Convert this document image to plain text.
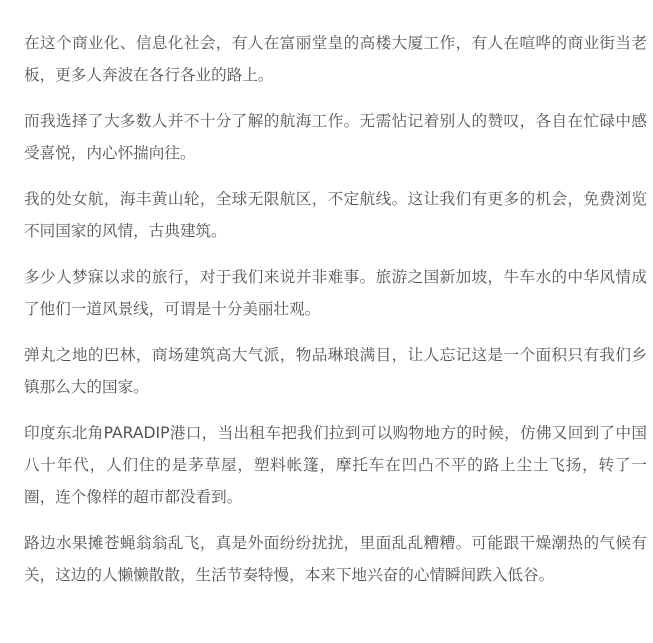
在这个商业化、信息化社会，有人在富丽堂皇的高楼大厦工作，有人在喧哗的商业街当老板，更多人奔波在各行各业的路上。

而我选择了大多数人并不十分了解的航海工作。无需怗记着别人的赞叹，各自在忙碌中感受喜悦，内心怀揣向往。

我的处女航，海丰黄山轮，全球无限航区，不定航线。这让我们有更多的机会，免费浏览不同国家的风情，古典建筑。

多少人梦寐以求的旅行，对于我们来说并非难事。旅游之国新加坡，牛车水的中华风情成了他们一道风景线，可谓是十分美丽壮观。

弹丸之地的巴林，商场建筑高大气派，物品琳琅满目，让人忘记这是一个面积只有我们乡镇那么大的国家。

印度东北角PARADIP港口，当出租车把我们拉到可以购物地方的时候，仿佛又回到了中国八十年代，人们住的是茅草屋，塑料帐篷，摩托车在凹凸不平的路上尘土飞扬，转了一圈，连个像样的超市都没看到。

路边水果摊苍蝇翁翁乱飞，真是外面纷纷扰扰，里面乱乱糟糟。可能跟干燥潮热的气候有关，这边的人懒懒散散，生活节奏特慢，本来下地兴奋的心情瞬间跌入低谷。
